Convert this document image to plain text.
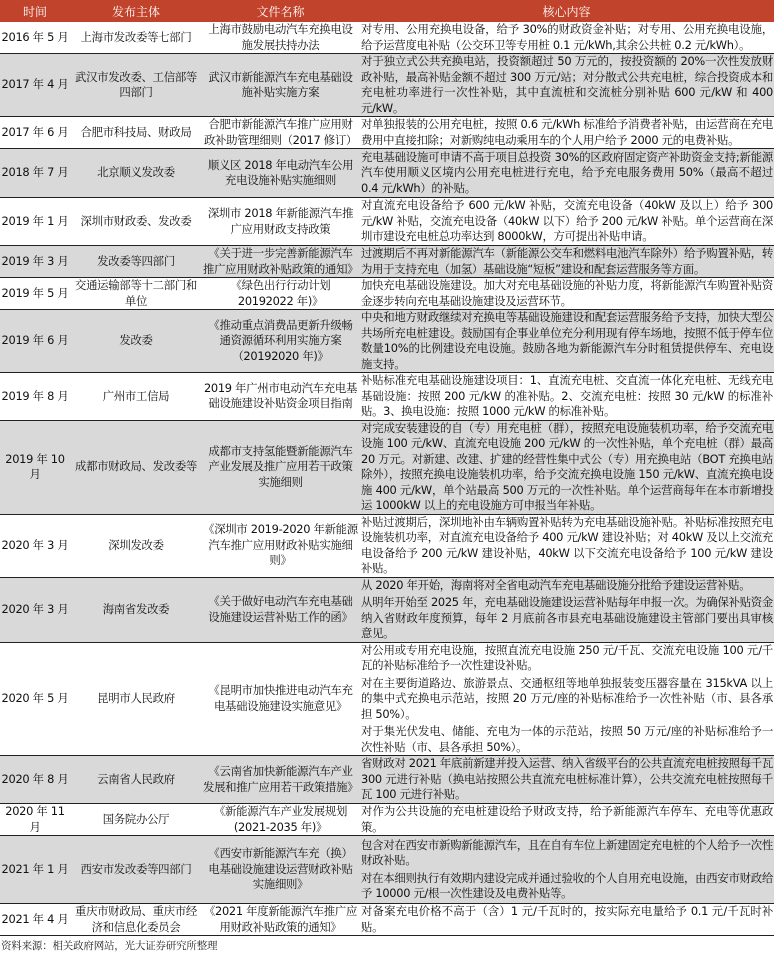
时间	发布主体	文件名称	核心内容
2016 年 5 月	上海市发改委等七部门	上海市鼓励电动汽车充换电设施发展扶持办法	对专用、公用充换电设备，给予 30%的财政资金补贴；对专用、公用充换电设施，给予运营度电补贴（公交环卫等专用桩 0.1 元/kWh,其余公共桩 0.2 元/kWh）。

2017 年 4 月	武汉市发改委、工信部等四部门	武汉市新能源汽车充电基础设施补贴实施方案	对于独立式公共充换电站，投资额超过 50 万元的，按投资额的 20%一次性发放财政补贴，最高补贴金额不超过 300 万元/站；对分散式公共充电桩，综合投资成本和充电桩功率进行一次性补贴，其中直流桩和交流桩分别补贴 600 元/kW 和 400 元/kW。

2017 年 6 月	合肥市科技局、财政局	合肥市新能源汽车推广应用财政补助管理细则（2017 修订）	对单独报装的公用充电桩，按照 0.6 元/kWh 标准给予消费者补贴，由运营商在充电费用中直接扣除；对新购纯电动乘用车的个人用户给予 2000 元的电费补贴。

2018 年 7 月	北京顺义发改委	顺义区 2018 年电动汽车公用充电设施补贴实施细则	充电基础设施可申请不高于项目总投资 30%的区政府固定资产补助资金支持;新能源汽车使用顺义区境内公用充电桩进行充电，给予充电服务费用 50%（最高不超过 0.4 元/kWh）的补贴。

2019 年 1 月	深圳市财政委、发改委	深圳市 2018 年新能源汽车推广应用财政支持政策	对直流充电设备给予 600 元/kW 补贴，交流充电设备（40kW 及以上）给予 300 元/kW 补贴，交流充电设备（40kW 以下）给予 200 元/kW 补贴。单个运营商在深圳市建设充电桩总功率达到 8000kW，方可提出补贴申请。

2019 年 3 月	发改委等四部门	《关于进一步完善新能源汽车推广应用财政补贴政策的通知》	过渡期后不再对新能源汽车（新能源公交车和燃料电池汽车除外）给予购置补贴，转为用于支持充电（加氢）基础设施“短板”建设和配套运营服务等方面。

2019 年 5 月	交通运输部等十二部门和单位	《绿色出行行动计划 20192022 年)》	加快充电基础设施建设。加大对充电基础设施的补贴力度，将新能源汽车购置补贴资金逐步转向充电基础设施建设及运营环节。

2019 年 6 月	发改委	《推动重点消费品更新升级畅通资源循环利用实施方案（20192020 年)》	中央和地方财政继续对充换电等基础设施建设和配套运营服务给予支持，加快大型公共场所充电桩建设。鼓励国有企事业单位充分利用现有停车场地，按照不低于停车位数量10%的比例建设充电设施。鼓励各地为新能源汽车分时租赁提供停车、充电设施支持。

2019 年 8 月	广州市工信局	2019 年广州市电动汽车充电基础设施建设补贴资金项目指南	补贴标准充电基础设施建设项目：1、直流充电桩、交直流一体化充电桩、无线充电基础设施：按照 200 元/kW 的准补贴。2、交流充电桩：按照 30 元/kW 的标准补贴。3、换电设施：按照 1000 元/kW 的标准补贴。

2019 年 10 月	成都市财政局、发改委等	成都市支持氢能暨新能源汽车产业发展及推广应用若干政策实施细则	对完成安装建设的自（专）用充电桩（群），按照充电设施装机功率，给予交流充电设施 100 元/kW、直流充电设施 200 元/kW 的一次性补贴，单个充电桩（群）最高 20 万元。对新建、改建、扩建的经营性集中式公（专）用充换电站（BOT 充换电站除外），按照充换电设施装机功率，给予交流充换电设施 150 元/kW、直流充换电设施 400 元/kW，单个站最高 500 万元的一次性补贴。单个运营商每年在本市新增投运 1000kW 以上的充电设施方可申报当年补贴。

2020 年 3 月	深圳发改委	《深圳市 2019-2020 年新能源汽车推广应用财政补贴实施细则》	补贴过渡期后，深圳地补由车辆购置补贴转为充电基础设施补贴。补贴标准按照充电设施装机功率，对直流充电设备给予 400 元/kW 建设补贴；对 40kW 及以上交流充电设备给予 200 元/kW 建设补贴，40kW 以下交流充电设备给予 100 元/kW 建设补贴。

2020 年 3 月	海南省发改委	《关于做好电动汽车充电基础设施建设运营补贴工作的函》	从 2020 年开始，海南将对全省电动汽车充电基础设施分批给予建设运营补贴。

从明年开始至 2025 年，充电基础设施建设运营补贴每年申报一次。为确保补贴资金纳入省财政年度预算，每年 2 月底前各市县充电基础设施建设主管部门要出具审核意见。

2020 年 5 月	昆明市人民政府	《昆明市加快推进电动汽车充电基础设施建设实施意见》	对公用或专用充电设施，按照直流充电设施 250 元/千瓦、交流充电设施 100 元/千瓦的补贴标准给予一次性建设补贴。

对在主要街道路边、旅游景点、交通枢纽等地单独报装变压器容量在 315kVA 以上的集中式充换电示范站，按照 20 万元/座的补贴标准给予一次性补贴（市、县各承担 50%）。

对于集光伏发电、储能、充电为一体的示范站，按照 50 万元/座的补贴标准给予一次性补贴（市、县各承担 50%）。

2020 年 8 月	云南省人民政府	《云南省加快新能源汽车产业发展和推广应用若干政策措施》	省财政对 2021 年底前新建并投入运营、纳入省级平台的公共直流充电桩按照每千瓦 300 元进行补贴（换电站按照公共直流充电桩标准计算），公共交流充电桩按照每千瓦 100 元进行补贴。

2020 年 11 月	国务院办公厅	《新能源汽车产业发展规划(2021-2035 年)》	对作为公共设施的充电桩建设给予财政支持，给予新能源汽车停车、充电等优惠政策。

2021 年 1 月	西安市发改委等四部门	《西安市新能源汽车充（换）电基础设施建设运营财政补贴实施细则》	包含对在西安市新购新能源汽车，且在自有车位上新建固定充电桩的个人给予一次性财政补贴。

对在本细则执行有效期内建设完成并通过验收的个人自用充电设施，由西安市财政给予 10000 元/根一次性建设及电费补贴等。

2021 年 4 月	重庆市财政局、重庆市经济和信息化委员会	《2021 年度新能源汽车推广应用财政补贴政策的通知》	对备案充电价格不高于（含）1 元/千瓦时的，按实际充电量给予 0.1 元/千瓦时补贴。

资料来源：相关政府网站，光大证券研究所整理
